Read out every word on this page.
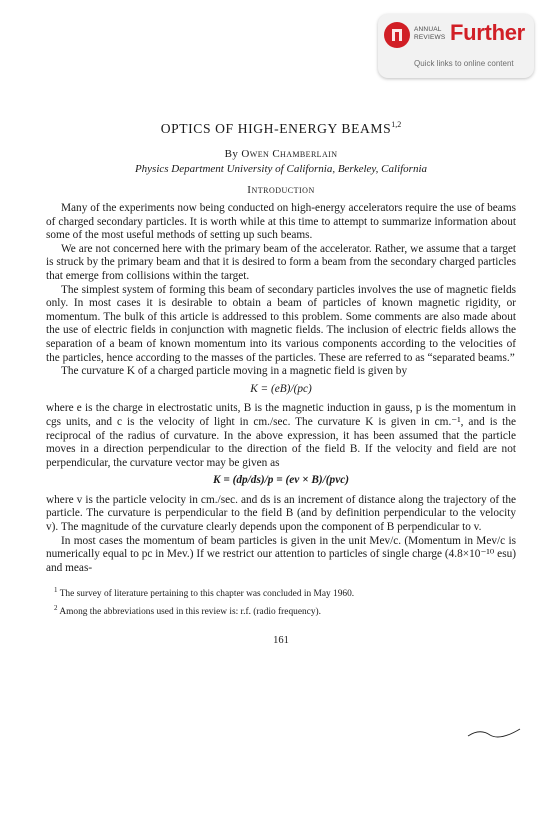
ANNUAL
REVIEWS Further
Quick links to online content
OPTICS OF HIGH-ENERGY BEAMS$^{1,2}$
By Owen Chamberlain
Physics Department University of California, Berkeley, California
Introduction

Many of the experiments now being conducted on high-energy accelerators require the use of beams of charged secondary particles. It is worth while at this time to attempt to summarize information about some of the most useful methods of setting up such beams.

We are not concerned here with the primary beam of the accelerator. Rather, we assume that a target is struck by the primary beam and that it is desired to form a beam from the secondary charged particles that emerge from collisions within the target.

The simplest system of forming this beam of secondary particles involves the use of magnetic fields only. In most cases it is desirable to obtain a beam of particles of known magnetic rigidity, or momentum. The bulk of this article is addressed to this problem. Some comments are also made about the use of electric fields in conjunction with magnetic fields. The inclusion of electric fields allows the separation of a beam of known momentum into its various components according to the velocities of the particles, hence according to the masses of the particles. These are referred to as “separated beams.”

The curvature K of a charged particle moving in a magnetic field is given by

K = (eB)/(pc)

where e is the charge in electrostatic units, B is the magnetic induction in gauss, p is the momentum in cgs units, and c is the velocity of light in cm./sec. The curvature K is given in cm.⁻¹, and is the reciprocal of the radius of curvature. In the above expression, it has been assumed that the particle moves in a direction perpendicular to the direction of the field B. If the velocity and field are not perpendicular, the curvature vector may be given as

K = (dp/ds)/p = (ev × B)/(pvc)

where v is the particle velocity in cm./sec. and ds is an increment of distance along the trajectory of the particle. The curvature is perpendicular to the field B (and by definition perpendicular to the velocity v). The magnitude of the curvature clearly depends upon the component of B perpendicular to v.

In most cases the momentum of beam particles is given in the unit Mev/c. (Momentum in Mev/c is numerically equal to pc in Mev.) If we restrict our attention to particles of single charge (4.8×10⁻¹⁰ esu) and meas-

$^1$ The survey of literature pertaining to this chapter was concluded in May 1960.
$^2$ Among the abbreviations used in this review is: r.f. (radio frequency).
161
